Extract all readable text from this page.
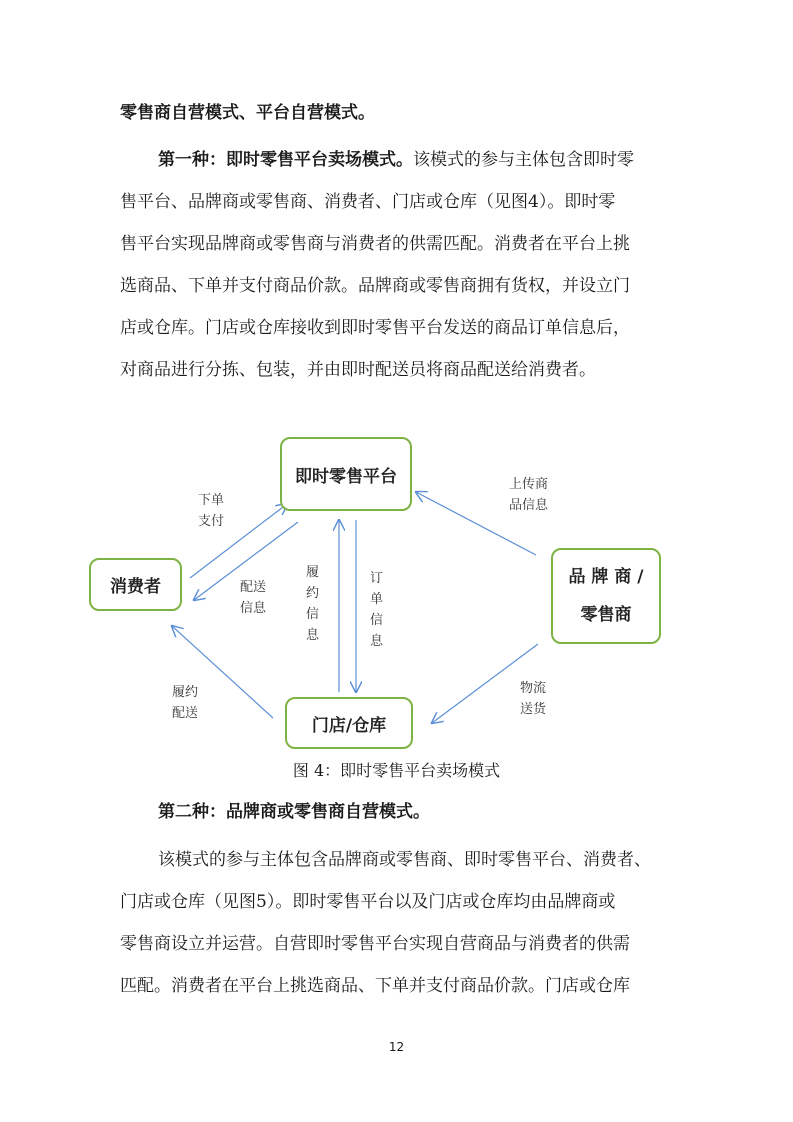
零售商自营模式、平台自营模式。
第一种：即时零售平台卖场模式。该模式的参与主体包含即时零
售平台、品牌商或零售商、消费者、门店或仓库（见图4）。即时零
售平台实现品牌商或零售商与消费者的供需匹配。消费者在平台上挑
选商品、下单并支付商品价款。品牌商或零售商拥有货权，并设立门
店或仓库。门店或仓库接收到即时零售平台发送的商品订单信息后，
对商品进行分拣、包装，并由即时配送员将商品配送给消费者。
即时零售平台
消费者	品 牌 商 /
零售商
门店/仓库
下单
支付
配送
信息
履
约
信
息
订
单
信
息
上传商
品信息
履约
配送
物流
送货
图 4：即时零售平台卖场模式
第二种：品牌商或零售商自营模式。
该模式的参与主体包含品牌商或零售商、即时零售平台、消费者、
门店或仓库（见图5）。即时零售平台以及门店或仓库均由品牌商或
零售商设立并运营。自营即时零售平台实现自营商品与消费者的供需
匹配。消费者在平台上挑选商品、下单并支付商品价款。门店或仓库
12
